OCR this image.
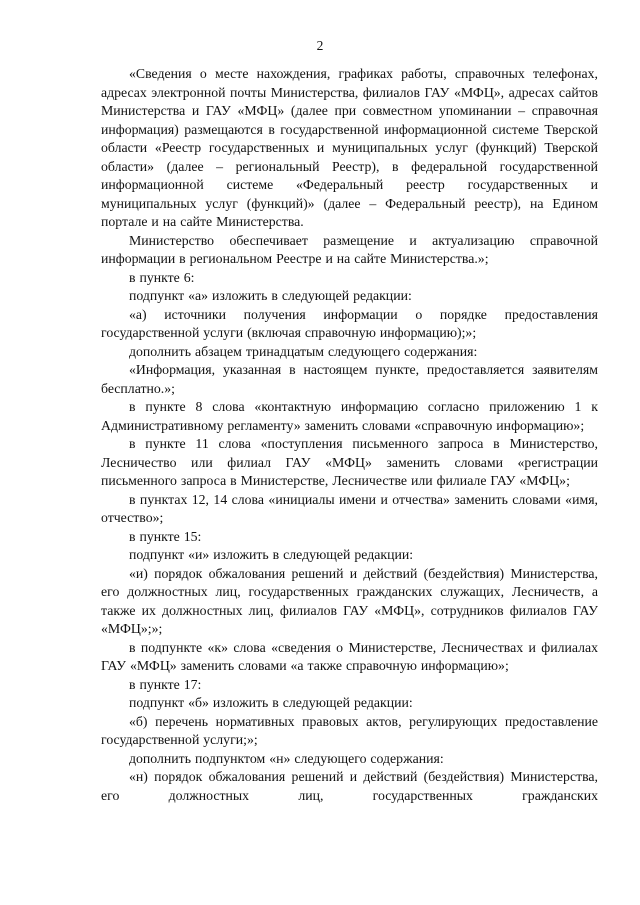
2

«Сведения о месте нахождения, графиках работы, справочных телефонах, адресах электронной почты Министерства, филиалов ГАУ «МФЦ», адресах сайтов Министерства и ГАУ «МФЦ» (далее при совместном упоминании – справочная информация) размещаются в государственной информационной системе Тверской области «Реестр государственных и муниципальных услуг (функций) Тверской области» (далее – региональный Реестр), в федеральной государственной информационной системе «Федеральный реестр государственных и муниципальных услуг (функций)» (далее – Федеральный реестр), на Едином портале и на сайте Министерства.

Министерство обеспечивает размещение и актуализацию справочной информации в региональном Реестре и на сайте Министерства.»;

в пункте 6:

подпункт «а» изложить в следующей редакции:

«а) источники получения информации о порядке предоставления государственной услуги (включая справочную информацию);»;

дополнить абзацем тринадцатым следующего содержания:

«Информация, указанная в настоящем пункте, предоставляется заявителям бесплатно.»;

в пункте 8 слова «контактную информацию согласно приложению 1 к Административному регламенту» заменить словами «справочную информацию»;

в пункте 11 слова «поступления письменного запроса в Министерство, Лесничество или филиал ГАУ «МФЦ» заменить словами «регистрации письменного запроса в Министерстве, Лесничестве или филиале ГАУ «МФЦ»;

в пунктах 12, 14 слова «инициалы имени и отчества» заменить словами «имя, отчество»;

в пункте 15:

подпункт «и» изложить в следующей редакции:

«и) порядок обжалования решений и действий (бездействия) Министерства, его должностных лиц, государственных гражданских служащих, Лесничеств, а также их должностных лиц, филиалов ГАУ «МФЦ», сотрудников филиалов ГАУ «МФЦ»;»;

в подпункте «к» слова «сведения о Министерстве, Лесничествах и филиалах ГАУ «МФЦ» заменить словами «а также справочную информацию»;

в пункте 17:

подпункт «б» изложить в следующей редакции:

«б) перечень нормативных правовых актов, регулирующих предоставление государственной услуги;»;

дополнить подпунктом «н» следующего содержания:

«н) порядок обжалования решений и действий (бездействия) Министерства, его должностных лиц, государственных гражданских
